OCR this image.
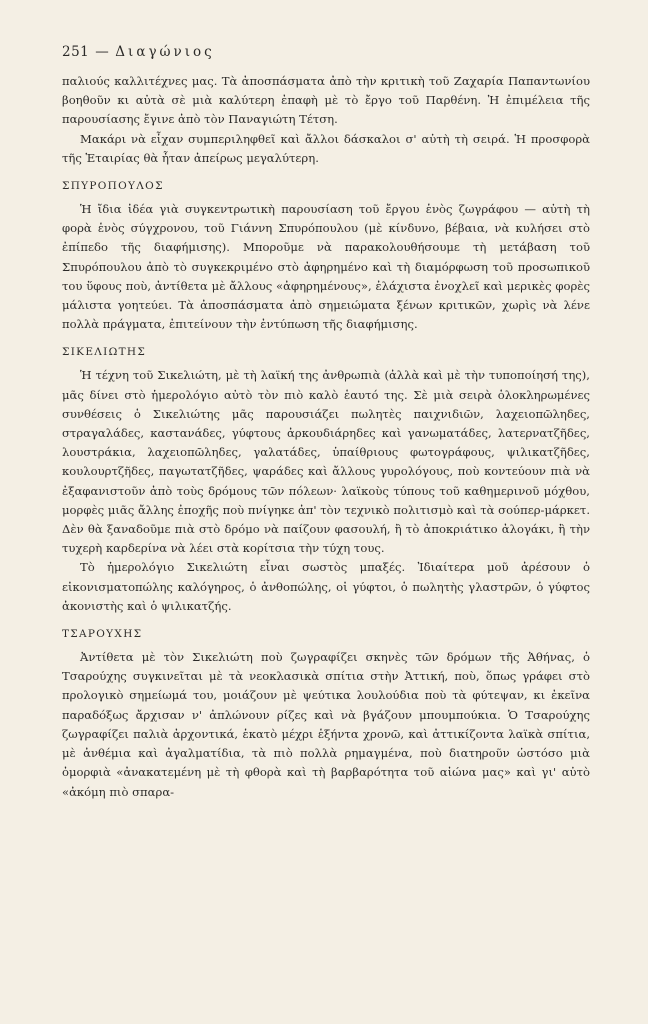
251 — Διαγώνιος

παλιούς καλλιτέχνες μας. Τὰ ἀποσπάσματα ἀπὸ τὴν κριτικὴ τοῦ Ζαχαρία Παπαντωνίου βοηθοῦν κι αὐτὰ σὲ μιὰ καλύτερη ἐπαφὴ μὲ τὸ ἔργο τοῦ Παρθένη. Ἡ ἐπιμέλεια τῆς παρουσίασης ἔγινε ἀπὸ τὸν Παναγιώτη Τέτση.

Μακάρι νὰ εἶχαν συμπεριληφθεῖ καὶ ἄλλοι δάσκαλοι σ' αὐτὴ τὴ σειρά. Ἡ προσφορὰ τῆς Ἑταιρίας θὰ ἦταν ἀπείρως μεγαλύτερη.

ΣΠΥΡΟΠΟΥΛΟΣ

Ἡ ἴδια ἰδέα γιὰ συγκεντρωτικὴ παρουσίαση τοῦ ἔργου ἑνὸς ζωγράφου — αὐτὴ τὴ φορὰ ἑνὸς σύγχρονου, τοῦ Γιάννη Σπυρόπουλου (μὲ κίνδυνο, βέβαια, νὰ κυλήσει στὸ ἐπίπεδο τῆς διαφήμισης). Μποροῦμε νὰ παρακολουθήσουμε τὴ μετάβαση τοῦ Σπυρόπουλου ἀπὸ τὸ συγκεκριμένο στὸ ἀφηρημένο καὶ τὴ διαμόρφωση τοῦ προσωπικοῦ του ὕφους ποὺ, ἀντίθετα μὲ ἄλλους «ἀφηρημένους», ἐλάχιστα ἐνοχλεῖ καὶ μερικὲς φορὲς μάλιστα γοητεύει. Τὰ ἀποσπάσματα ἀπὸ σημειώματα ξένων κριτικῶν, χωρὶς νὰ λένε πολλὰ πράγματα, ἐπιτείνουν τὴν ἐντύπωση τῆς διαφήμισης.

ΣΙΚΕΛΙΩΤΗΣ

Ἡ τέχνη τοῦ Σικελιώτη, μὲ τὴ λαϊκή της ἀνθρωπιὰ (ἀλλὰ καὶ μὲ τὴν τυποποίησή της), μᾶς δίνει στὸ ἡμερολόγιο αὐτὸ τὸν πιὸ καλὸ ἑαυτό της. Σὲ μιὰ σειρὰ ὁλοκληρωμένες συνθέσεις ὁ Σικελιώτης μᾶς παρουσιάζει πωλητὲς παιχνιδιῶν, λαχειοπῶληδες, στραγαλάδες, καστανάδες, γύφτους ἀρκουδιάρηδες καὶ γανωματάδες, λατερνατζῆδες, λουστράκια, λαχειοπῶληδες, γαλατάδες, ὑπαίθριους φωτογράφους, ψιλικατζῆδες, κουλουρτζῆδες, παγωτατζῆδες, ψαράδες καὶ ἄλλους γυρολόγους, ποὺ κοντεύουν πιὰ νὰ ἐξαφανιστοῦν ἀπὸ τοὺς δρόμους τῶν πόλεων· λαϊκοὺς τύπους τοῦ καθημερινοῦ μόχθου, μορφὲς μιᾶς ἄλλης ἐποχῆς ποὺ πνίγηκε ἀπ' τὸν τεχνικὸ πολιτισμὸ καὶ τὰ σούπερ-μάρκετ. Δὲν θὰ ξαναδοῦμε πιὰ στὸ δρόμο νὰ παίζουν φασουλή, ἢ τὸ ἀποκριάτικο ἀλογάκι, ἢ τὴν τυχερὴ καρδερίνα νὰ λέει στὰ κορίτσια τὴν τύχη τους.

Τὸ ἡμερολόγιο Σικελιώτη εἶναι σωστὸς μπαξές. Ἰδιαίτερα μοῦ ἀρέσουν ὁ εἰκονισματοπώλης καλόγηρος, ὁ ἀνθοπώλης, οἱ γύφτοι, ὁ πωλητὴς γλαστρῶν, ὁ γύφτος ἀκονιστὴς καὶ ὁ ψιλικατζής.

ΤΣΑΡΟΥΧΗΣ

Ἀντίθετα μὲ τὸν Σικελιώτη ποὺ ζωγραφίζει σκηνὲς τῶν δρόμων τῆς Ἀθήνας, ὁ Τσαρούχης συγκινεῖται μὲ τὰ νεοκλασικὰ σπίτια στὴν Ἀττική, ποὺ, ὅπως γράφει στὸ προλογικὸ σημείωμά του, μοιάζουν μὲ ψεύτικα λουλούδια ποὺ τὰ φύτεψαν, κι ἐκεῖνα παραδόξως ἄρχισαν ν' ἀπλώνουν ρίζες καὶ νὰ βγάζουν μπουμπούκια. Ὁ Τσαρούχης ζωγραφίζει παλιὰ ἀρχοντικά, ἑκατὸ μέχρι ἑξήντα χρονῶ, καὶ ἀττικίζοντα λαϊκὰ σπίτια, μὲ ἀνθέμια καὶ ἀγαλματίδια, τὰ πιὸ πολλὰ ρημαγμένα, ποὺ διατηροῦν ὡστόσο μιὰ ὀμορφιὰ «ἀνακατεμένη μὲ τὴ φθορὰ καὶ τὴ βαρβαρότητα τοῦ αἰώνα μας» καὶ γι' αὐτὸ «ἀκόμη πιὸ σπαρα-
